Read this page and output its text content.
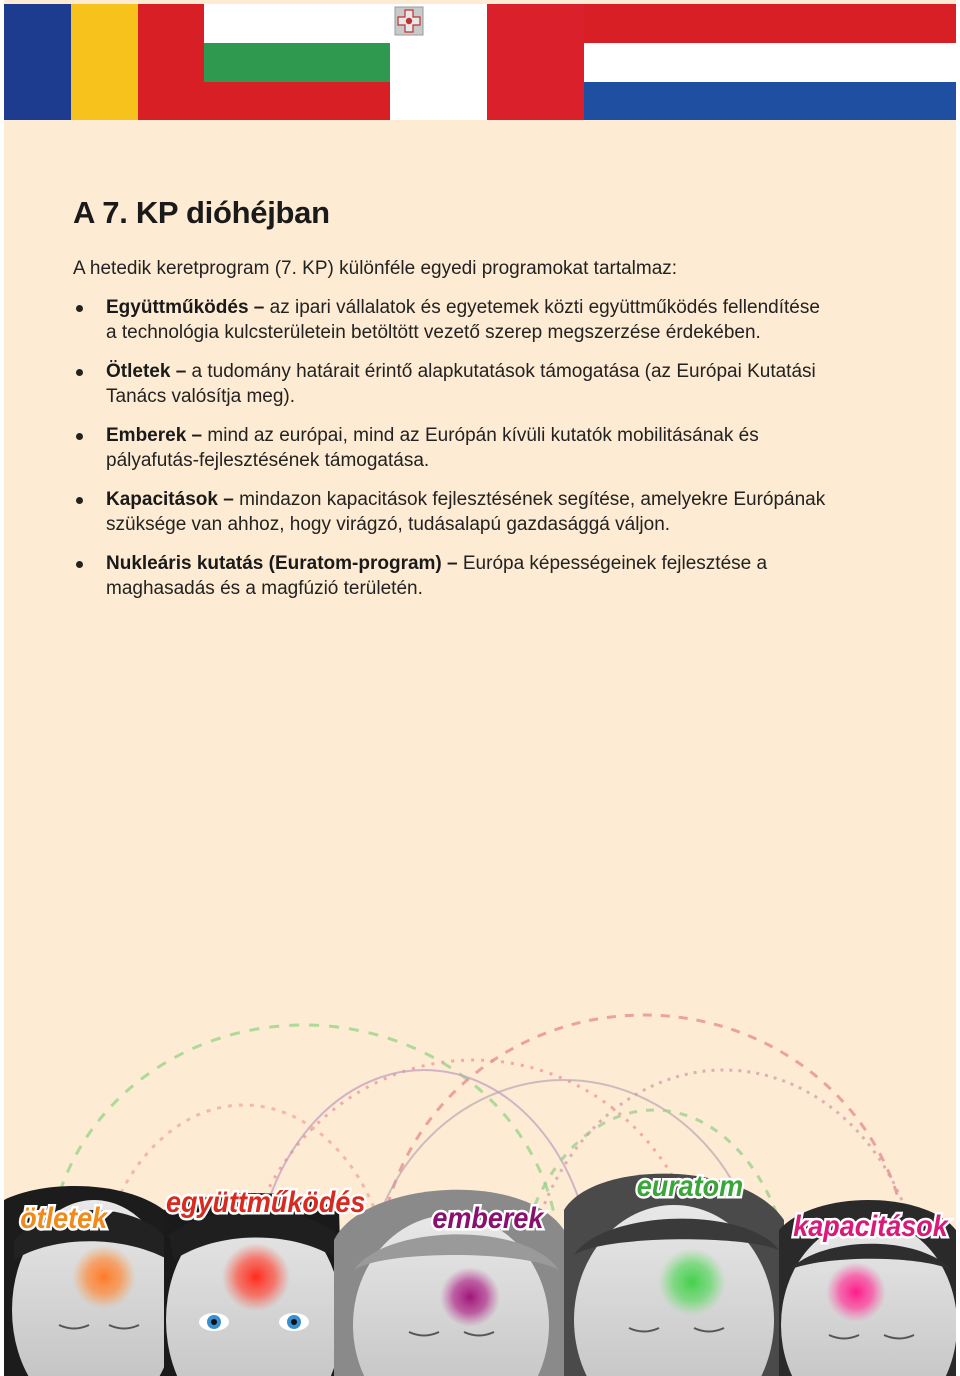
A 7. KP dióhéjban

A hetedik keretprogram (7. KP) különféle egyedi programokat tartalmaz:

Együttműködés – az ipari vállalatok és egyetemek közti együttműködés fellendítése a technológia kulcsterületein betöltött vezető szerep megszerzése érdekében.
Ötletek – a tudomány határait érintő alapkutatások támogatása (az Európai Kutatási Tanács valósítja meg).
Emberek – mind az európai, mind az Európán kívüli kutatók mobilitásának és pályafutás-fejlesztésének támogatása.
Kapacitások – mindazon kapacitások fejlesztésének segítése, amelyekre Európának szüksége van ahhoz, hogy virágzó, tudásalapú gazdasággá váljon.
Nukleáris kutatás (Euratom-program) – Európa képességeinek fejlesztése a maghasadás és a magfúzió területén.
ötletek együttműködés emberek
euratom
kapacitások
